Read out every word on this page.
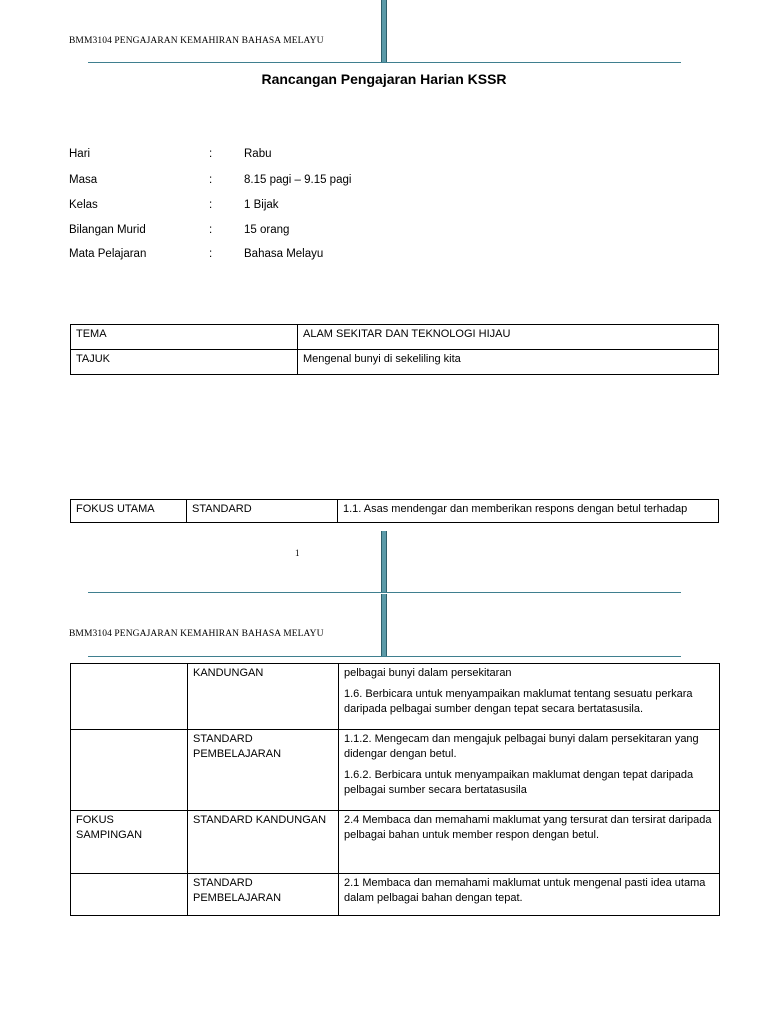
BMM3104 PENGAJARAN KEMAHIRAN BAHASA MELAYU
Rancangan Pengajaran Harian KSSR
Hari	:	Rabu
Masa	:	8.15 pagi – 9.15 pagi
Kelas	:	1 Bijak
Bilangan Murid	:	15 orang
Mata Pelajaran	:	Bahasa Melayu
TEMA	ALAM SEKITAR DAN TEKNOLOGI HIJAU
TAJUK	Mengenal bunyi di sekeliling kita
FOKUS UTAMA	STANDARD	1.1. Asas mendengar dan memberikan respons dengan betul terhadap
1
BMM3104 PENGAJARAN KEMAHIRAN BAHASA MELAYU
	KANDUNGAN	pelbagai bunyi dalam persekitaran

1.6. Berbicara untuk menyampaikan maklumat tentang sesuatu perkara daripada pelbagai sumber dengan tepat secara bertatasusila.

	STANDARD PEMBELAJARAN	1.1.2. Mengecam dan mengajuk pelbagai bunyi dalam persekitaran yang didengar dengan betul.

1.6.2. Berbicara untuk menyampaikan maklumat dengan tepat daripada pelbagai sumber secara bertatasusila

FOKUS SAMPINGAN	STANDARD KANDUNGAN	2.4 Membaca dan memahami maklumat yang tersurat dan tersirat daripada pelbagai bahan untuk member respon dengan betul.

	STANDARD PEMBELAJARAN	2.1 Membaca dan memahami maklumat untuk mengenal pasti idea utama dalam pelbagai bahan dengan tepat.
